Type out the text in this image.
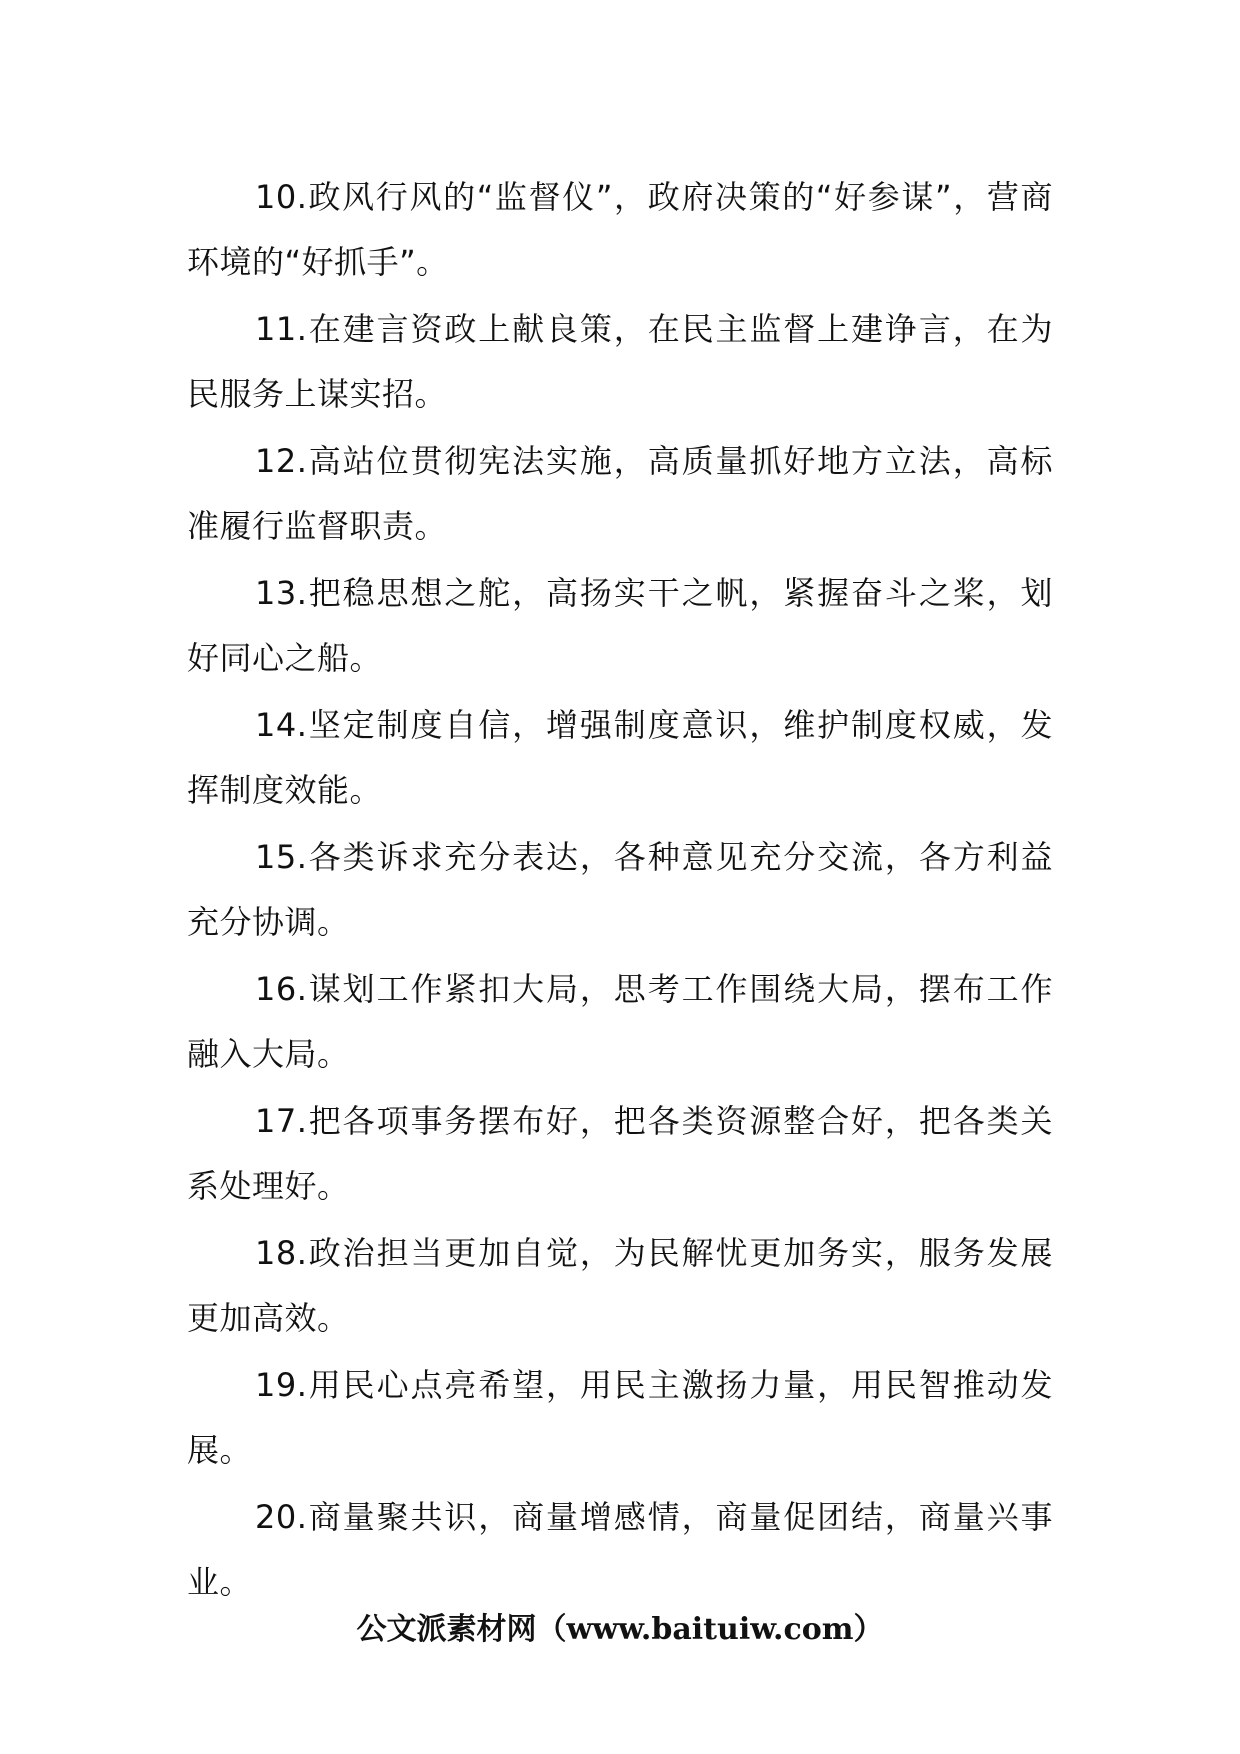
10.政风行风的“监督仪”，政府决策的“好参谋”，营商环境的“好抓手”。

11.在建言资政上献良策，在民主监督上建诤言，在为民服务上谋实招。

12.高站位贯彻宪法实施，高质量抓好地方立法，高标准履行监督职责。

13.把稳思想之舵，高扬实干之帆，紧握奋斗之桨，划好同心之船。

14.坚定制度自信，增强制度意识，维护制度权威，发挥制度效能。

15.各类诉求充分表达，各种意见充分交流，各方利益充分协调。

16.谋划工作紧扣大局，思考工作围绕大局，摆布工作融入大局。

17.把各项事务摆布好，把各类资源整合好，把各类关系处理好。

18.政治担当更加自觉，为民解忧更加务实，服务发展更加高效。

19.用民心点亮希望，用民主激扬力量，用民智推动发展。

20.商量聚共识，商量增感情，商量促团结，商量兴事业。

公文派素材网（www.baituiw.com）
